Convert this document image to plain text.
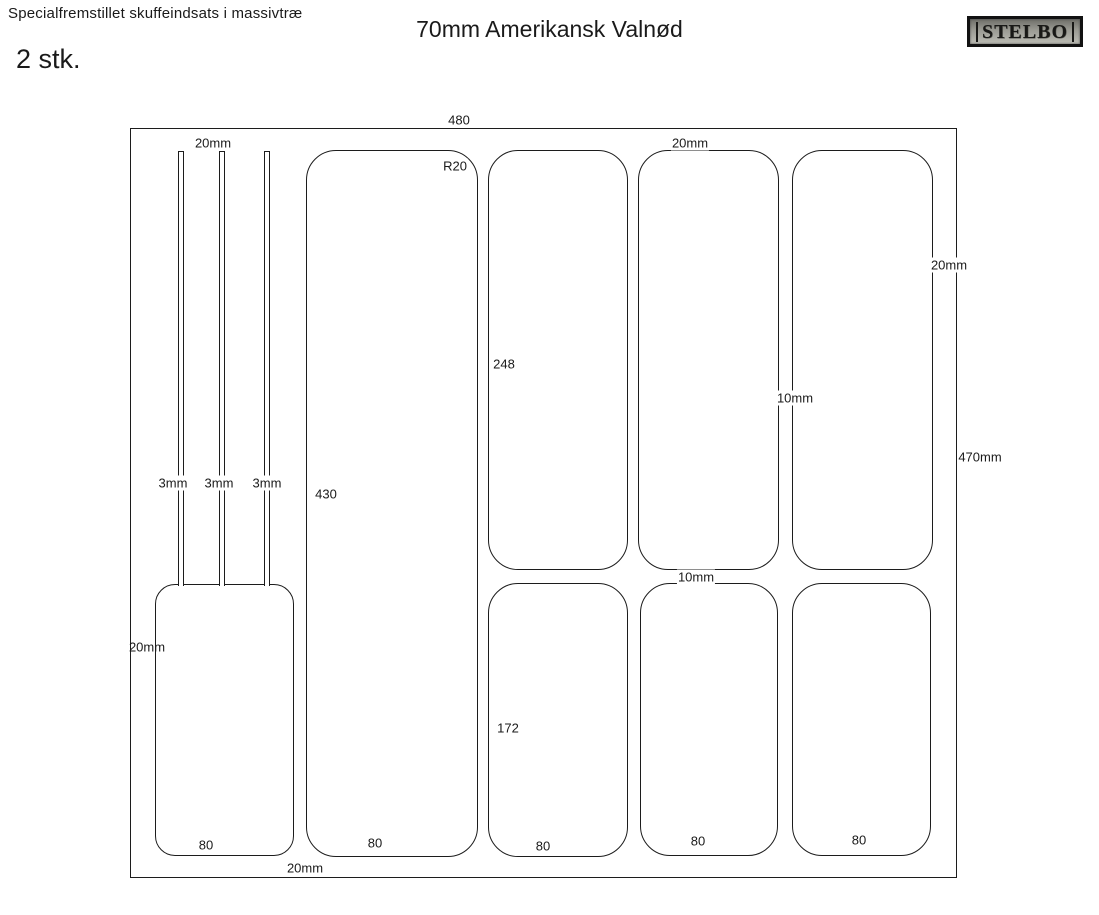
Specialfremstillet skuffeindsats i massivtræ
2 stk.
70mm Amerikansk Valnød	STELBO
480
20mm	20mm
R20
20mm
248
10mm
470mm
3mm 3mm 3mm
430
10mm
20mm
172
80	80	80	80	80
20mm
